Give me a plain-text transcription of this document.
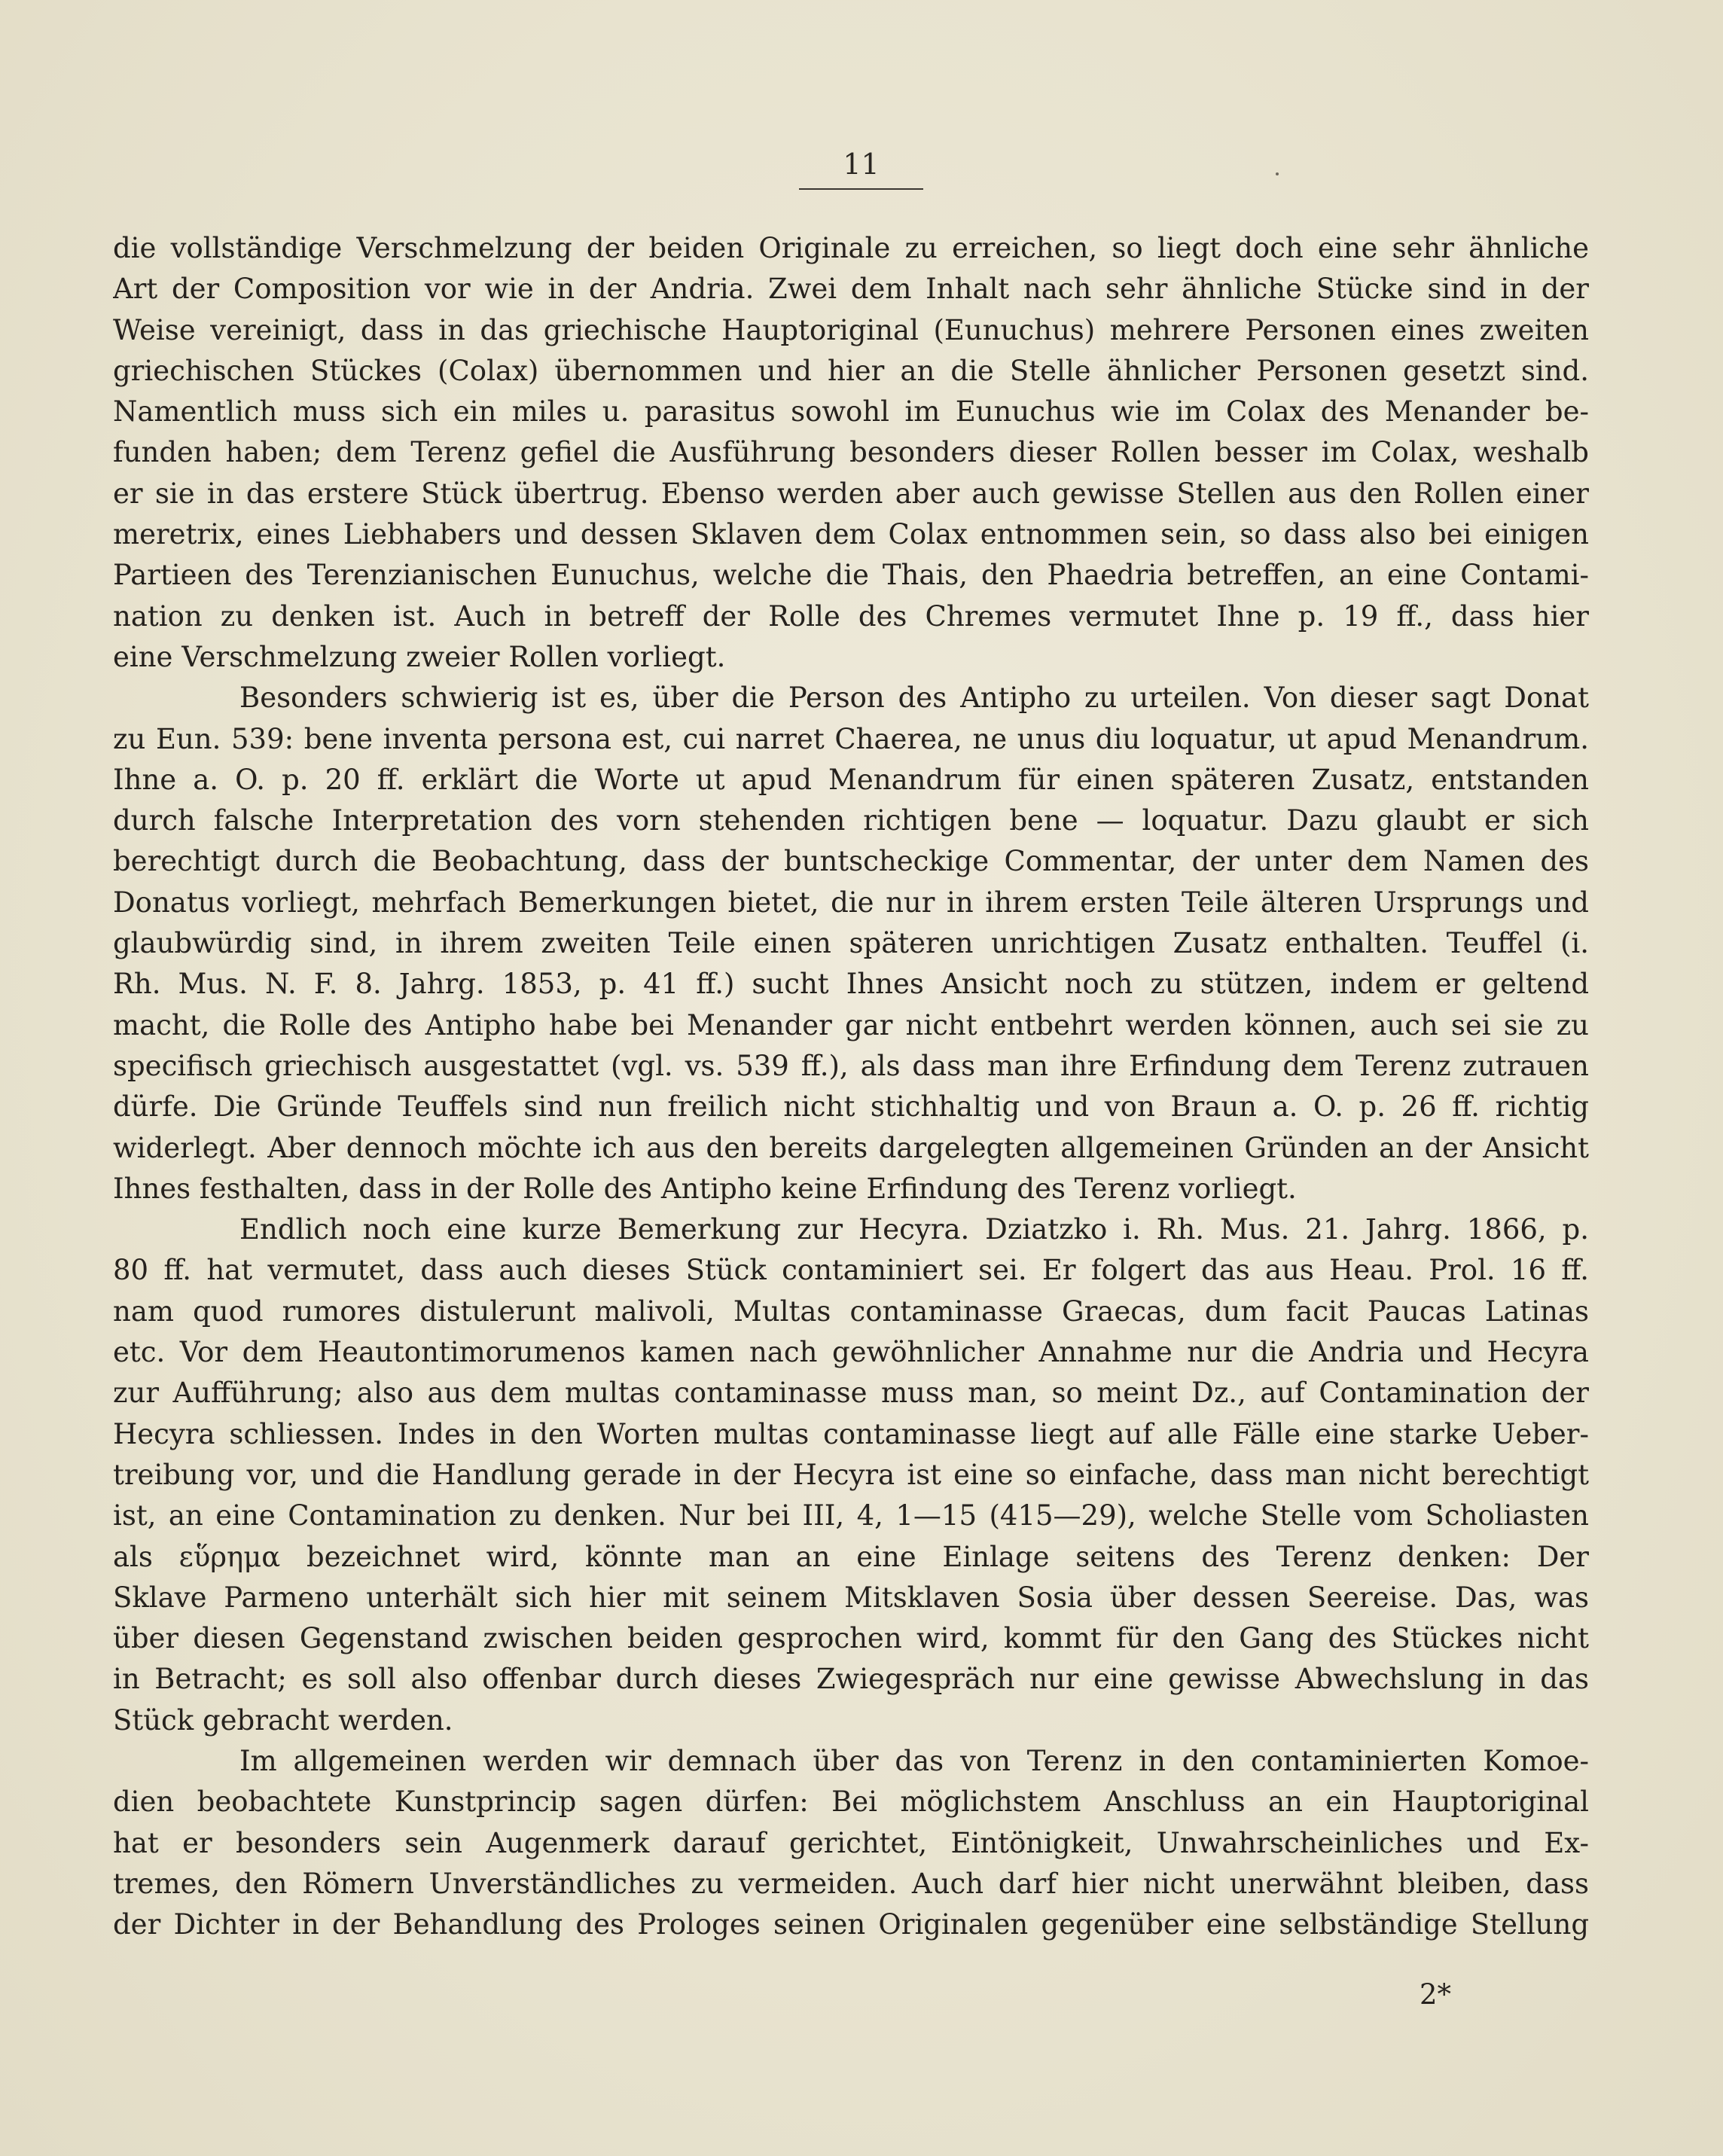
11
die vollständige Verschmelzung der beiden Originale zu erreichen, so liegt doch eine sehr ähnliche
Art der Composition vor wie in der Andria. Zwei dem Inhalt nach sehr ähnliche Stücke sind in der
Weise vereinigt, dass in das griechische Hauptoriginal (Eunuchus) mehrere Personen eines zweiten
griechischen Stückes (Colax) übernommen und hier an die Stelle ähnlicher Personen gesetzt sind.
Namentlich muss sich ein miles u. parasitus sowohl im Eunuchus wie im Colax des Menander be-
funden haben; dem Terenz gefiel die Ausführung besonders dieser Rollen besser im Colax, weshalb
er sie in das erstere Stück übertrug. Ebenso werden aber auch gewisse Stellen aus den Rollen einer
meretrix, eines Liebhabers und dessen Sklaven dem Colax entnommen sein, so dass also bei einigen
Partieen des Terenzianischen Eunuchus, welche die Thais, den Phaedria betreffen, an eine Contami-
nation zu denken ist. Auch in betreff der Rolle des Chremes vermutet Ihne p. 19 ff., dass hier
eine Verschmelzung zweier Rollen vorliegt.
Besonders schwierig ist es, über die Person des Antipho zu urteilen. Von dieser sagt Donat
zu Eun. 539: bene inventa persona est, cui narret Chaerea, ne unus diu loquatur, ut apud Menandrum.
Ihne a. O. p. 20 ff. erklärt die Worte ut apud Menandrum für einen späteren Zusatz, entstanden
durch falsche Interpretation des vorn stehenden richtigen bene — loquatur. Dazu glaubt er sich
berechtigt durch die Beobachtung, dass der buntscheckige Commentar, der unter dem Namen des
Donatus vorliegt, mehrfach Bemerkungen bietet, die nur in ihrem ersten Teile älteren Ursprungs und
glaubwürdig sind, in ihrem zweiten Teile einen späteren unrichtigen Zusatz enthalten. Teuffel (i.
Rh. Mus. N. F. 8. Jahrg. 1853, p. 41 ff.) sucht Ihnes Ansicht noch zu stützen, indem er geltend
macht, die Rolle des Antipho habe bei Menander gar nicht entbehrt werden können, auch sei sie zu
specifisch griechisch ausgestattet (vgl. vs. 539 ff.), als dass man ihre Erfindung dem Terenz zutrauen
dürfe. Die Gründe Teuffels sind nun freilich nicht stichhaltig und von Braun a. O. p. 26 ff. richtig
widerlegt. Aber dennoch möchte ich aus den bereits dargelegten allgemeinen Gründen an der Ansicht
Ihnes festhalten, dass in der Rolle des Antipho keine Erfindung des Terenz vorliegt.
Endlich noch eine kurze Bemerkung zur Hecyra. Dziatzko i. Rh. Mus. 21. Jahrg. 1866, p.
80 ff. hat vermutet, dass auch dieses Stück contaminiert sei. Er folgert das aus Heau. Prol. 16 ff.
nam quod rumores distulerunt malivoli, Multas contaminasse Graecas, dum facit Paucas Latinas
etc. Vor dem Heautontimorumenos kamen nach gewöhnlicher Annahme nur die Andria und Hecyra
zur Aufführung; also aus dem multas contaminasse muss man, so meint Dz., auf Contamination der
Hecyra schliessen. Indes in den Worten multas contaminasse liegt auf alle Fälle eine starke Ueber-
treibung vor, und die Handlung gerade in der Hecyra ist eine so einfache, dass man nicht berechtigt
ist, an eine Contamination zu denken. Nur bei III, 4, 1—15 (415—29), welche Stelle vom Scholiasten
als εὕρημα bezeichnet wird, könnte man an eine Einlage seitens des Terenz denken: Der
Sklave Parmeno unterhält sich hier mit seinem Mitsklaven Sosia über dessen Seereise. Das, was
über diesen Gegenstand zwischen beiden gesprochen wird, kommt für den Gang des Stückes nicht
in Betracht; es soll also offenbar durch dieses Zwiegespräch nur eine gewisse Abwechslung in das
Stück gebracht werden.
Im allgemeinen werden wir demnach über das von Terenz in den contaminierten Komoe-
dien beobachtete Kunstprincip sagen dürfen: Bei möglichstem Anschluss an ein Hauptoriginal
hat er besonders sein Augenmerk darauf gerichtet, Eintönigkeit, Unwahrscheinliches und Ex-
tremes, den Römern Unverständliches zu vermeiden. Auch darf hier nicht unerwähnt bleiben, dass
der Dichter in der Behandlung des Prologes seinen Originalen gegenüber eine selbständige Stellung
2*
